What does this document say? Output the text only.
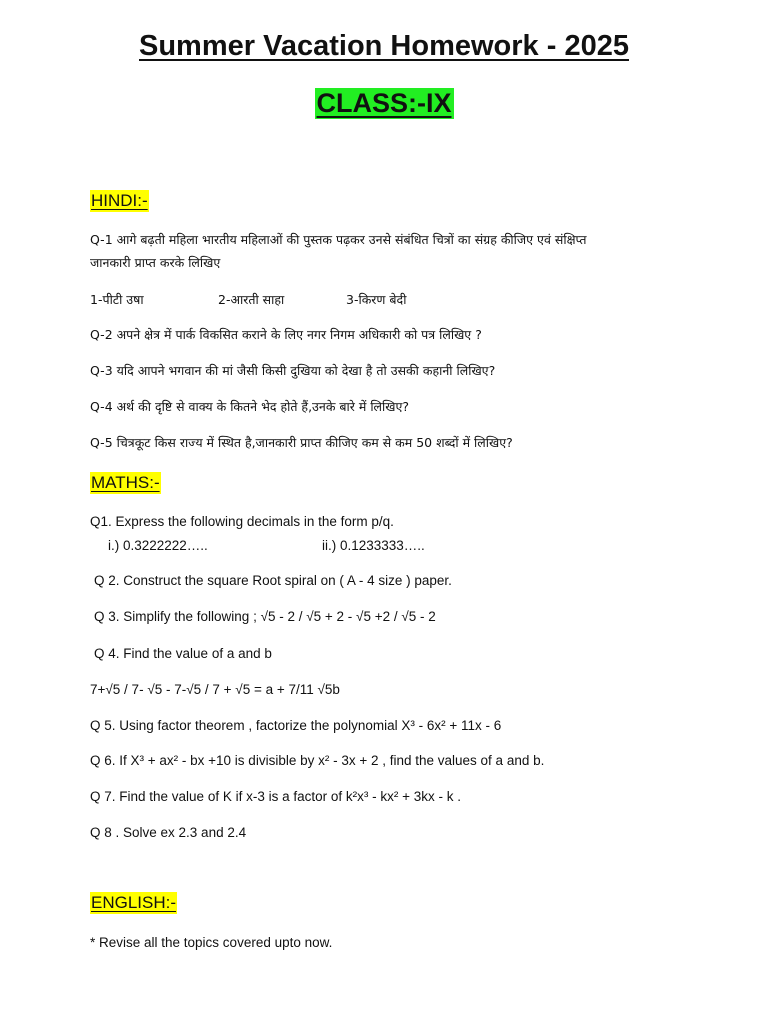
Summer Vacation Homework - 2025
CLASS:-IX
HINDI:-
Q-1 आगे बढ़ती महिला भारतीय महिलाओं की पुस्तक पढ़कर उनसे संबंधित चित्रों का संग्रह कीजिए एवं संक्षिप्त
जानकारी प्राप्त करके लिखिए
1-पीटी उषा	2-आरती साहा	3-किरण बेदी
Q-2 अपने क्षेत्र में पार्क विकसित कराने के लिए नगर निगम अधिकारी को पत्र लिखिए ?
Q-3 यदि आपने भगवान की मां जैसी किसी दुखिया को देखा है तो उसकी कहानी लिखिए?
Q-4 अर्थ की दृष्टि से वाक्य के कितने भेद होते हैं,उनके बारे में लिखिए?
Q-5 चित्रकूट किस राज्य में स्थित है,जानकारी प्राप्त कीजिए कम से कम 50 शब्दों में लिखिए?
MATHS:-
Q1. Express the following decimals in the form p/q.
i.) 0.3222222…..	ii.) 0.1233333…..
Q 2. Construct the square Root spiral on ( A - 4 size ) paper.
Q 3. Simplify the following ; √5 - 2 / √5 + 2 - √5 +2 / √5 - 2
Q 4. Find the value of a and b
7+√5 / 7- √5 - 7-√5 / 7 + √5 = a + 7/11 √5b
Q 5. Using factor theorem , factorize the polynomial X³ - 6x² + 11x - 6
Q 6. If X³ + ax² - bx +10 is divisible by x² - 3x + 2 , find the values of a and b.
Q 7. Find the value of K if x-3 is a factor of k²x³ - kx² + 3kx - k .
Q 8 . Solve ex 2.3 and 2.4
ENGLISH:-
* Revise all the topics covered upto now.
